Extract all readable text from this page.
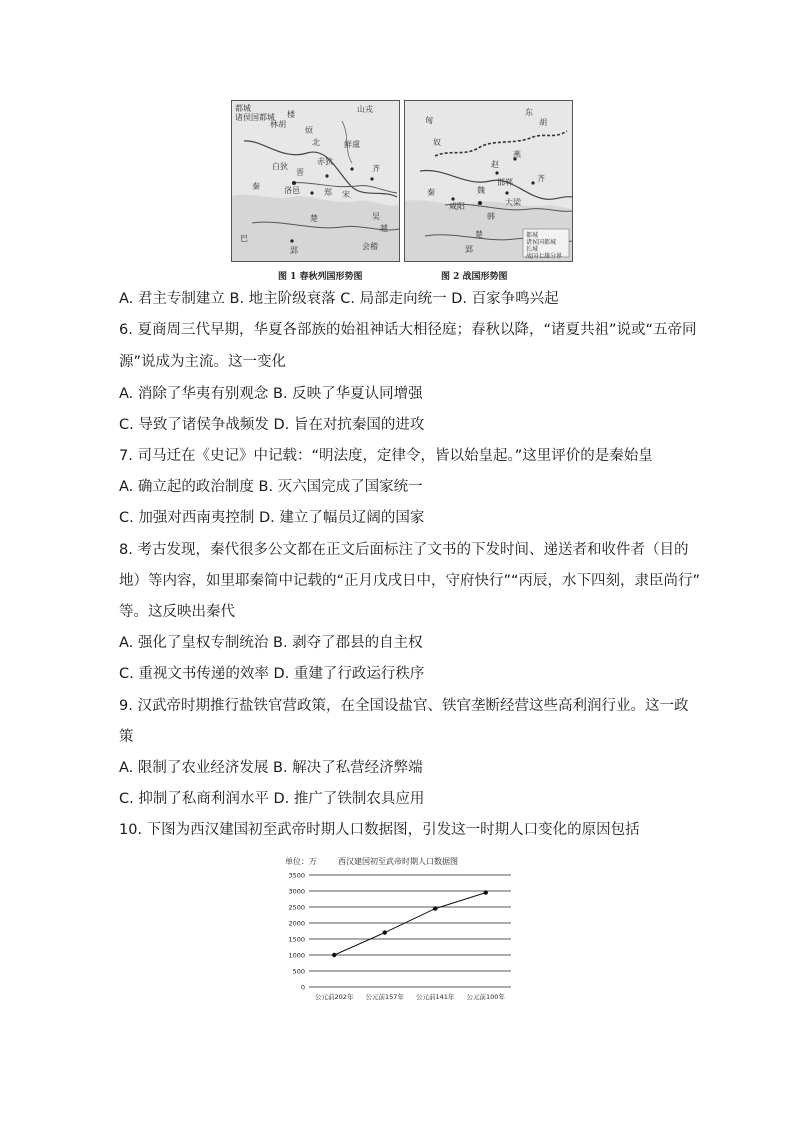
都城
诸侯国都城
山戎
楼
林胡
烦
北
赤狄
晋
鲜虞
白狄	齐
秦
郑
洛邑	宋
楚
越
吴
会稽
巴
郢
东
胡
匈
奴
燕
赵
邯郸
魏
大梁
韩
秦
咸阳
齐
楚
郢
都城
诸侯国都城
长城
战国七雄分界
图 1 春秋列国形势图	图 2 战国形势图
A. 君主专制建立 B. 地主阶级衰落 C. 局部走向统一 D. 百家争鸣兴起
6. 夏商周三代早期，华夏各部族的始祖神话大相径庭；春秋以降，“诸夏共祖”说或“五帝同
源”说成为主流。这一变化
A. 消除了华夷有别观念 B. 反映了华夏认同增强
C. 导致了诸侯争战频发 D. 旨在对抗秦国的进攻
7. 司马迁在《史记》中记载：“明法度，定律令，皆以始皇起。”这里评价的是秦始皇
A. 确立起的政治制度 B. 灭六国完成了国家统一
C. 加强对西南夷控制 D. 建立了幅员辽阔的国家
8. 考古发现，秦代很多公文都在正文后面标注了文书的下发时间、递送者和收件者（目的
地）等内容，如里耶秦简中记载的“正月戊戌日中，守府快行”“丙辰，水下四刻，隶臣尚行”
等。这反映出秦代
A. 强化了皇权专制统治 B. 剥夺了郡县的自主权
C. 重视文书传递的效率 D. 重建了行政运行秩序
9. 汉武帝时期推行盐铁官营政策，在全国设盐官、铁官垄断经营这些高利润行业。这一政
策
A. 限制了农业经济发展 B. 解决了私营经济弊端
C. 抑制了私商利润水平 D. 推广了铁制农具应用
10. 下图为西汉建国初至武帝时期人口数据图，引发这一时期人口变化的原因包括
单位：万	西汉建国初至武帝时期人口数据图
0
500
1000
1500
2000
2500
3000
3500
公元前202年 公元前157年 公元前141年 公元前100年
